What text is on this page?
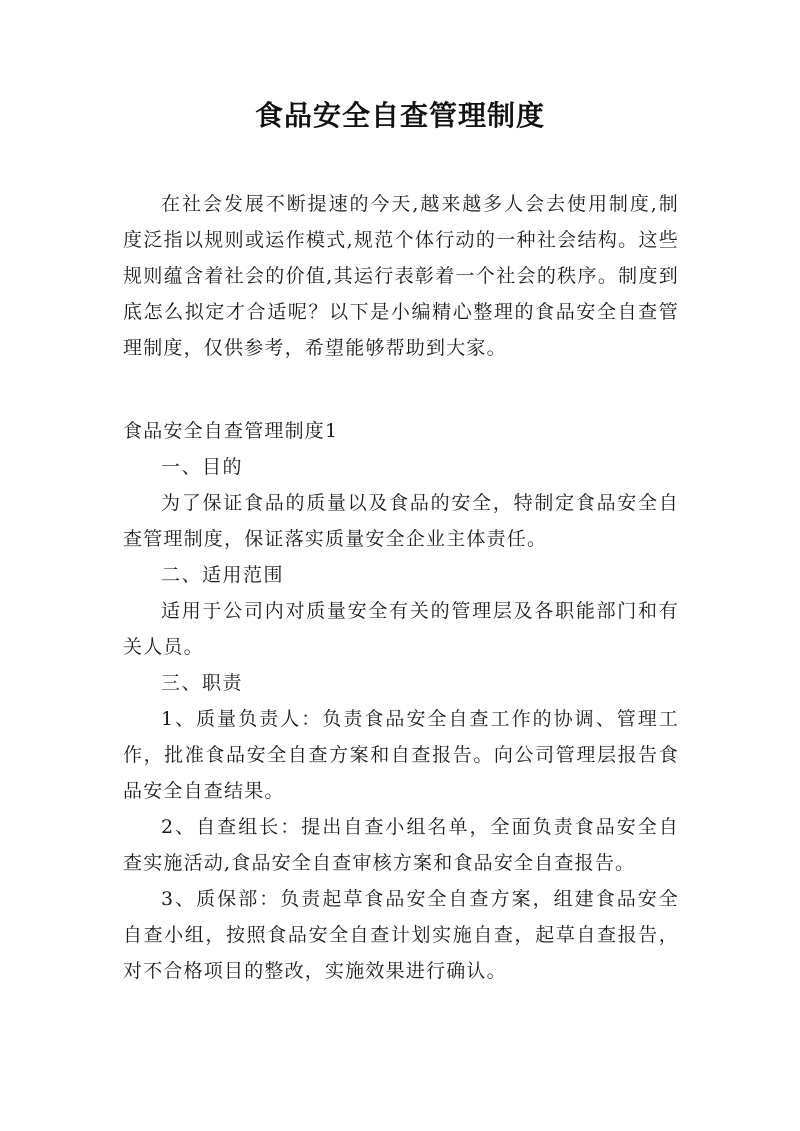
食品安全自查管理制度
在社会发展不断提速的今天,越来越多人会去使用制度,制度泛指以规则或运作模式,规范个体行动的一种社会结构。这些规则蕴含着社会的价值,其运行表彰着一个社会的秩序。制度到底怎么拟定才合适呢？以下是小编精心整理的食品安全自查管理制度，仅供参考，希望能够帮助到大家。

食品安全自查管理制度1

一、目的

为了保证食品的质量以及食品的安全，特制定食品安全自查管理制度，保证落实质量安全企业主体责任。

二、适用范围

适用于公司内对质量安全有关的管理层及各职能部门和有关人员。

三、职责

1、质量负责人：负责食品安全自查工作的协调、管理工作，批准食品安全自查方案和自查报告。向公司管理层报告食品安全自查结果。

2、自查组长：提出自查小组名单，全面负责食品安全自查实施活动,食品安全自查审核方案和食品安全自查报告。

3、质保部：负责起草食品安全自查方案，组建食品安全自查小组，按照食品安全自查计划实施自查，起草自查报告，对不合格项目的整改，实施效果进行确认。
